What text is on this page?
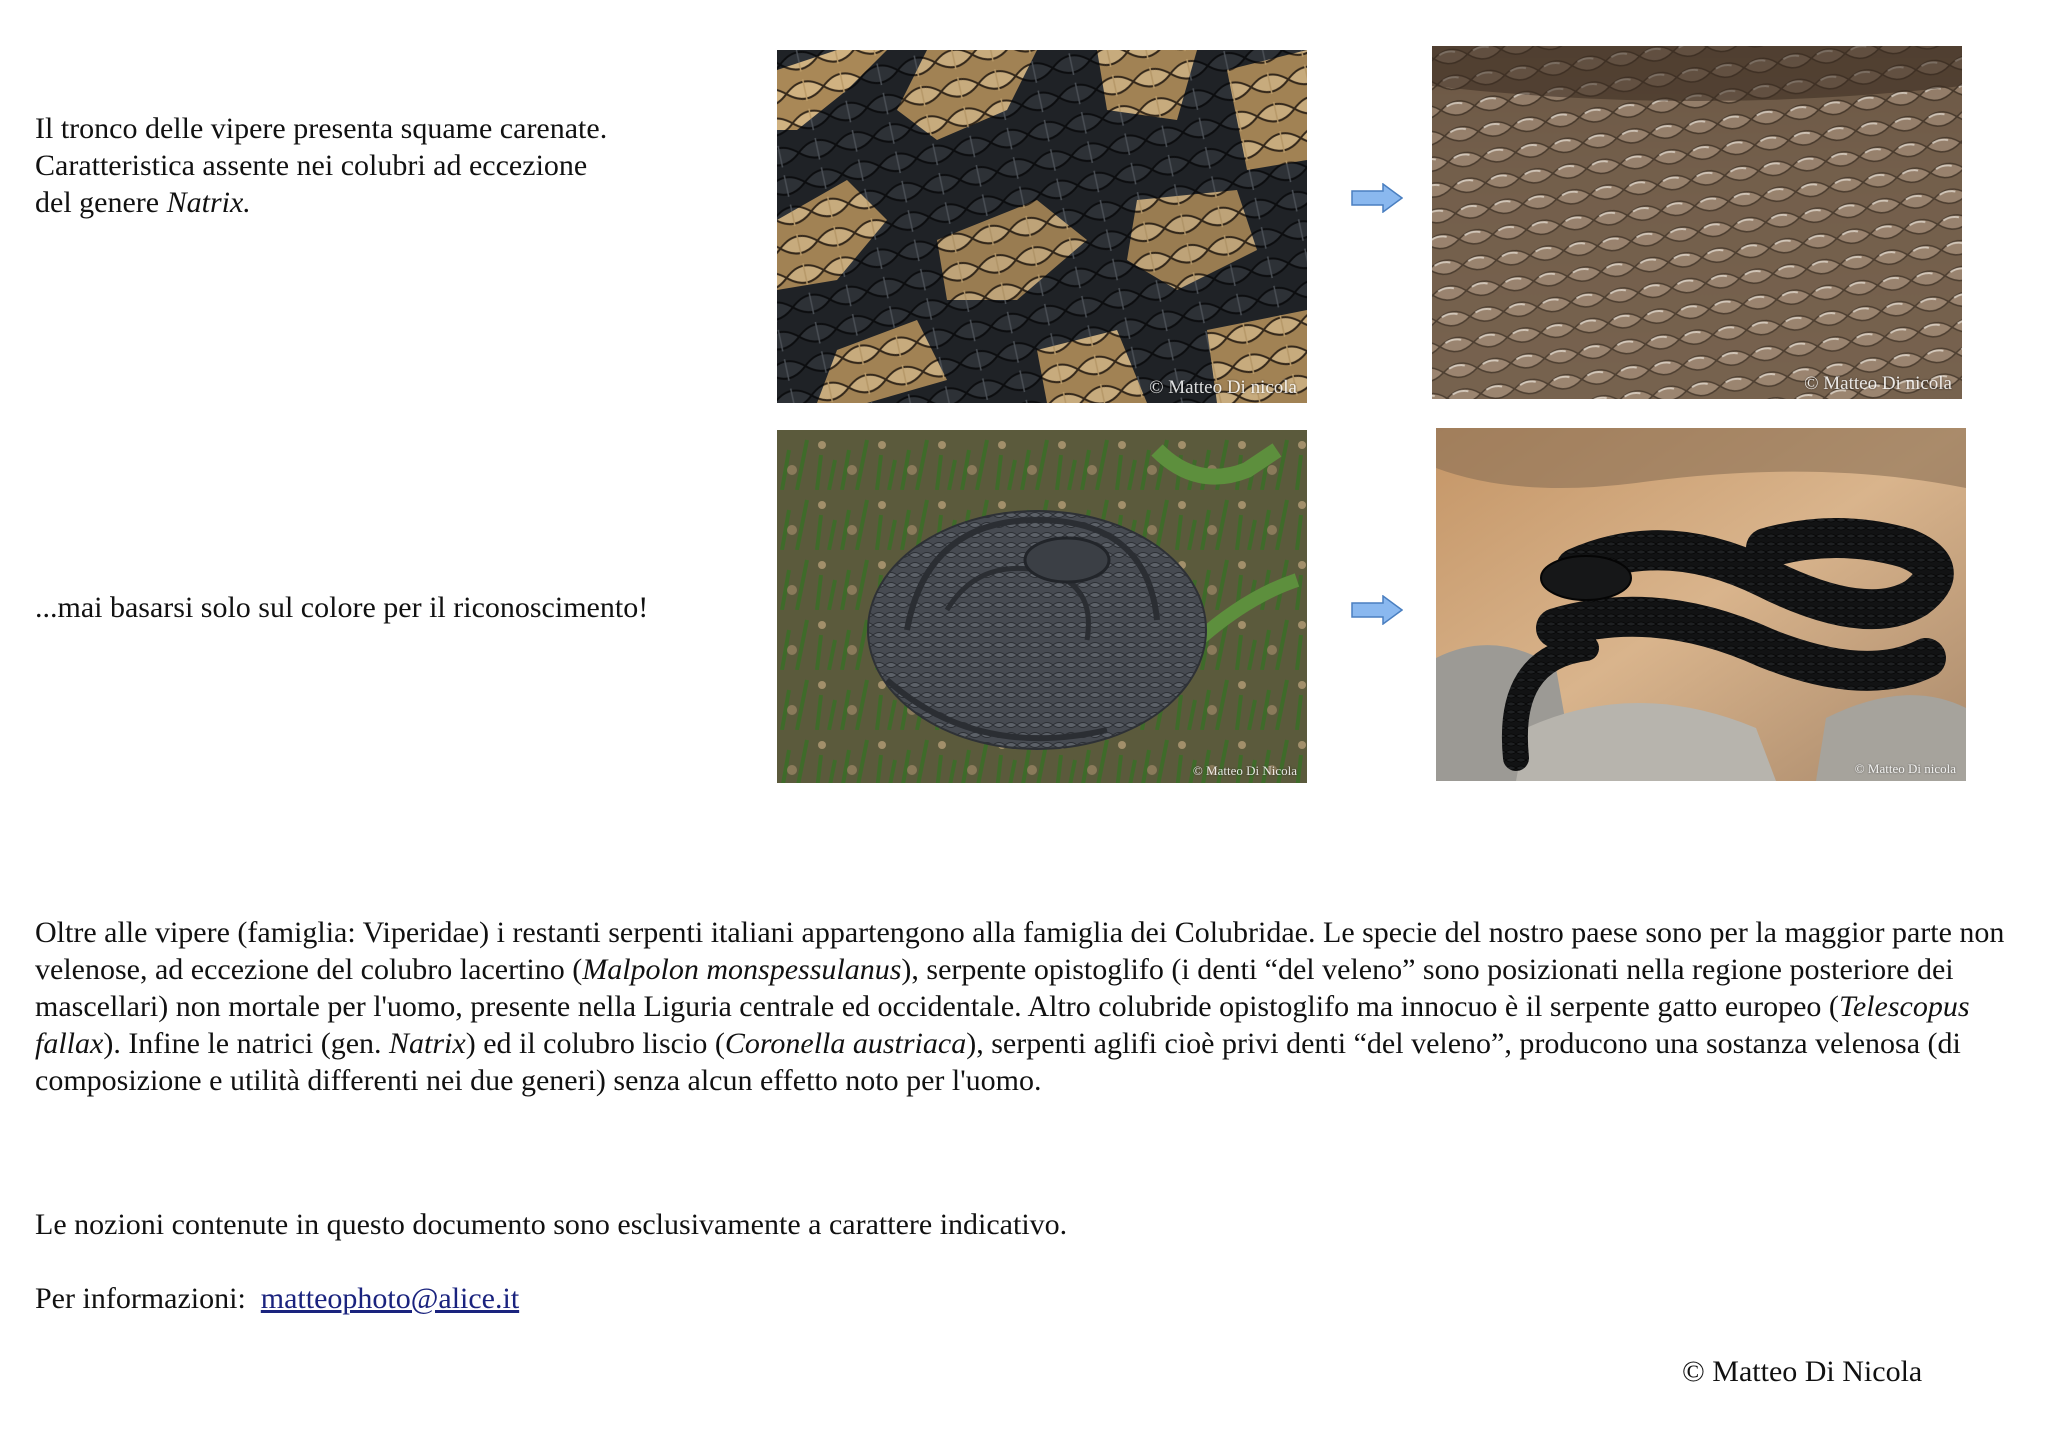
Il tronco delle vipere presenta squame carenate.
Caratteristica assente nei colubri ad eccezione
del genere Natrix.
...mai basarsi solo sul colore per il riconoscimento!
© Matteo Di nicola	© Matteo Di nicola
© Matteo Di Nicola	© Matteo Di nicola

Oltre alle vipere (famiglia: Viperidae) i restanti serpenti italiani appartengono alla famiglia dei Colubridae. Le specie del nostro paese sono per la maggior parte non velenose, ad eccezione del colubro lacertino (Malpolon monspessulanus), serpente opistoglifo (i denti “del veleno” sono posizionati nella regione posteriore dei mascellari) non mortale per l'uomo, presente nella Liguria centrale ed occidentale. Altro colubride opistoglifo ma innocuo è il serpente gatto europeo (Telescopus fallax). Infine le natrici (gen. Natrix) ed il colubro liscio (Coronella austriaca), serpenti aglifi cioè privi denti “del veleno”, producono una sostanza velenosa (di composizione e utilità differenti nei due generi) senza alcun effetto noto per l'uomo.

Le nozioni contenute in questo documento sono esclusivamente a carattere indicativo.
Per informazioni:  matteophoto@alice.it
© Matteo Di Nicola
